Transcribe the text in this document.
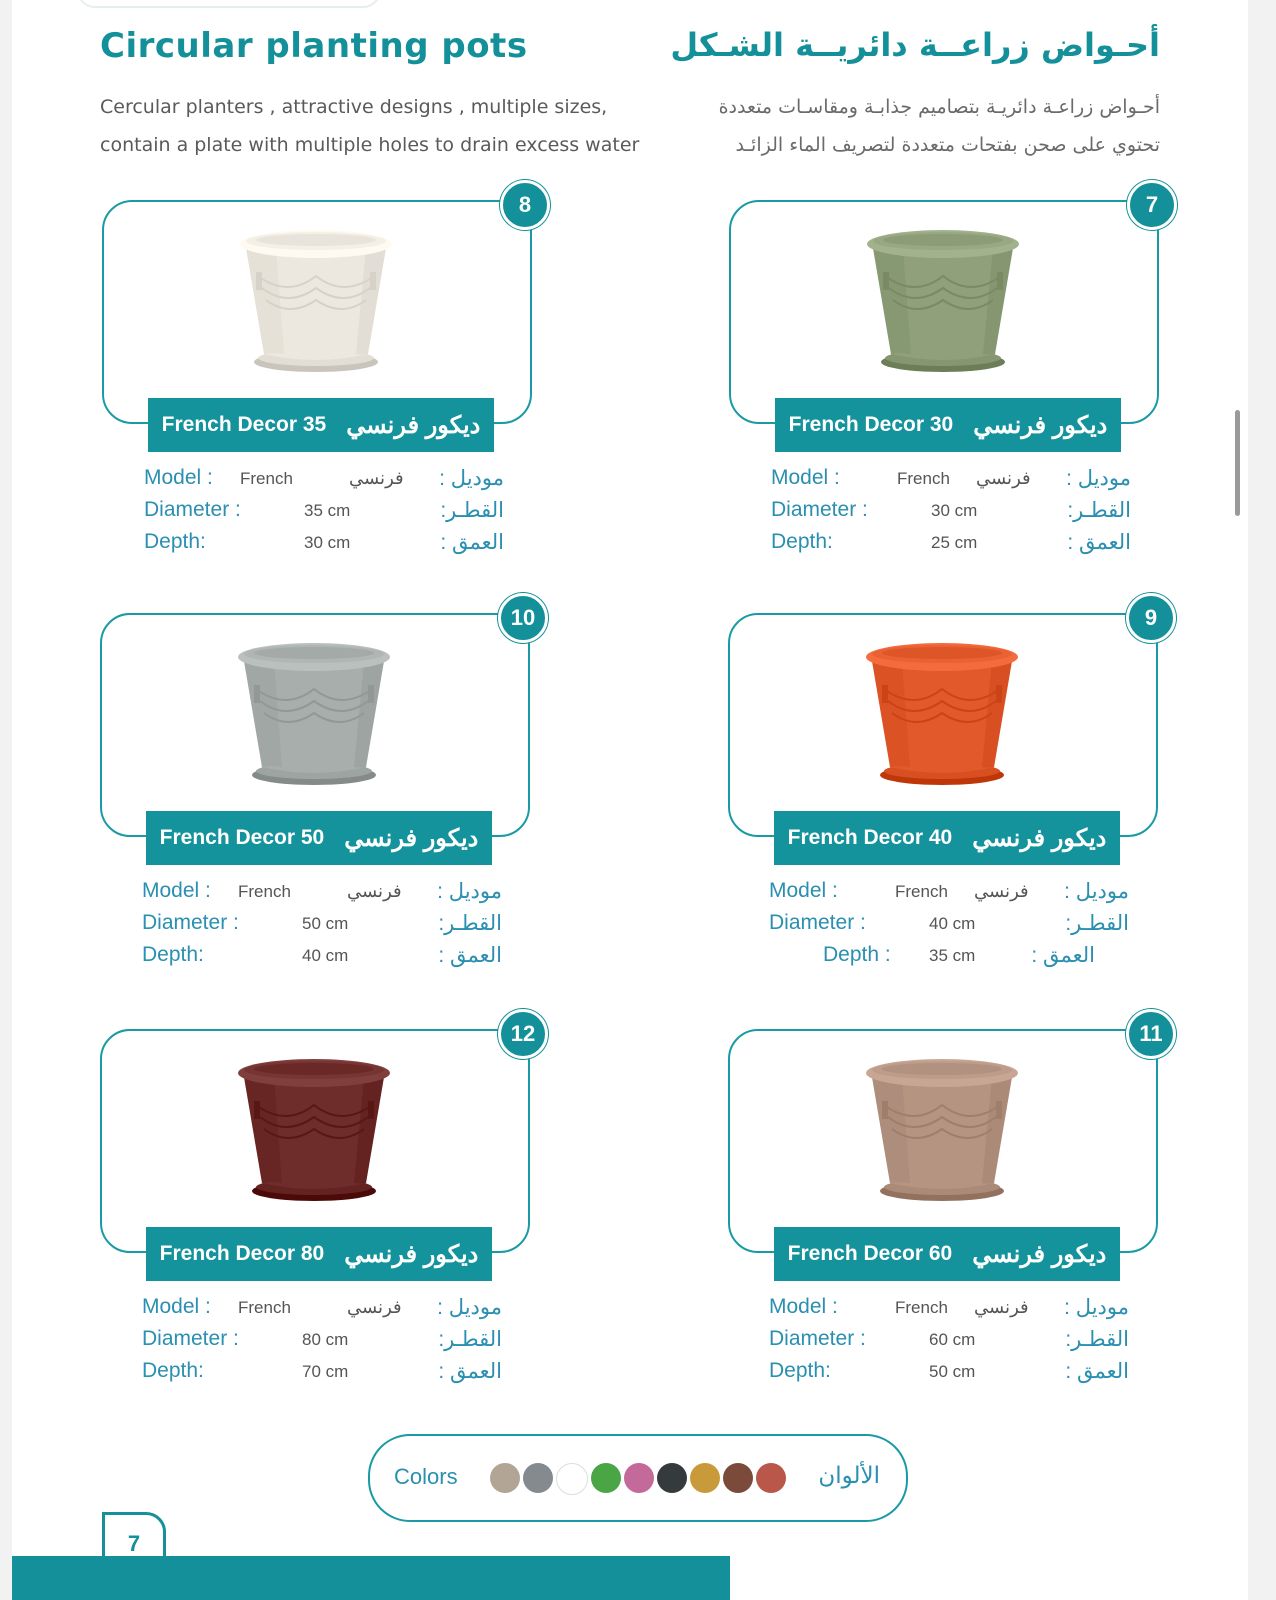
Circular planting pots	أحـواض زراعــة دائريــة الشـكل
Cercular planters , attractive designs , multiple sizes,
contain a plate with multiple holes to drain excess water
أحـواض زراعـة دائريـة بتصاميم جذابـة ومقاسـات متعددة
تحتوي على صحن بفتحات متعددة لتصريف الماء الزائـد
8
French Decor 35 ديكور فرنسي
Model : French	فرنسي موديل :
Diameter :	35 cm	القطـر:
Depth:	30 cm	العمق :
7
French Decor 30 ديكور فرنسي
Model :	French فرنسي موديل :
Diameter :	30 cm	القطـر:
Depth:	25 cm	العمق :
10
French Decor 50 ديكور فرنسي
Model : French	فرنسي موديل :
Diameter :	50 cm	القطـر:
Depth:	40 cm	العمق :
9
French Decor 40 ديكور فرنسي
Model :	French فرنسي موديل :
Diameter :	40 cm	القطـر:
Depth : 35 cm	العمق :
12
French Decor 80 ديكور فرنسي
Model : French	فرنسي موديل :
Diameter :	80 cm	القطـر:
Depth:	70 cm	العمق :
11
French Decor 60 ديكور فرنسي
Model :	French فرنسي موديل :
Diameter :	60 cm	القطـر:
Depth:	50 cm	العمق :
Colors	الألوان
7
